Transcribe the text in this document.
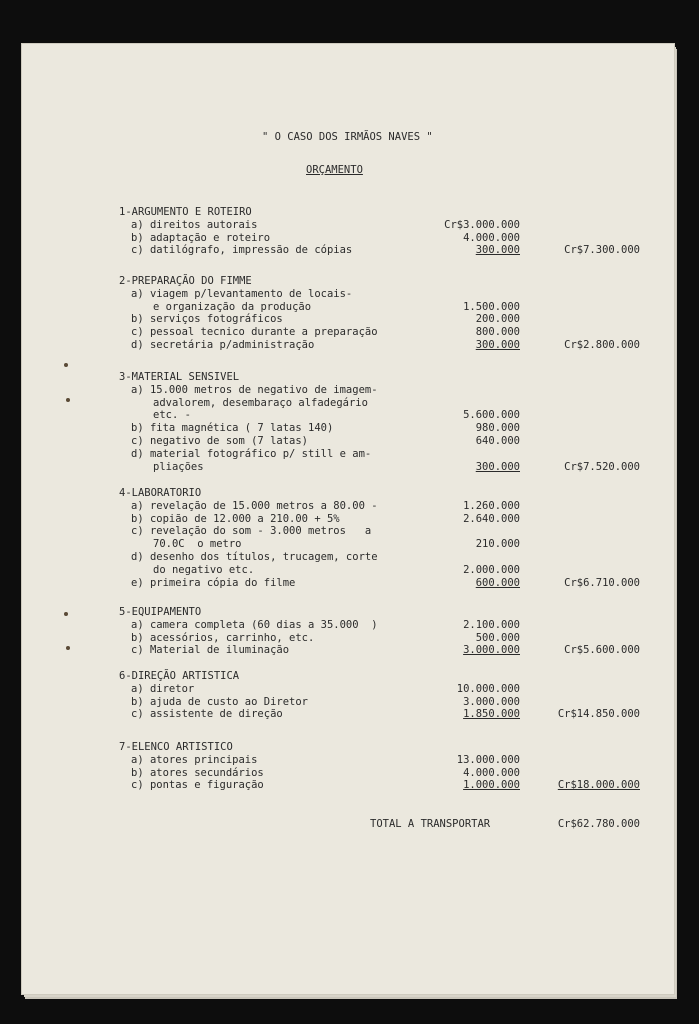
" O CASO DOS IRMÃOS NAVES "
ORÇAMENTO
1-ARGUMENTO E ROTEIRO
a) direitos autorais	Cr$3.000.000
b) adaptação e roteiro	4.000.000
c) datilógrafo, impressão de cópias	300.000	Cr$7.300.000
2-PREPARAÇÃO DO FIMME
a) viagem p/levantamento de locais-
e organização da produção	1.500.000
b) serviços fotográficos	200.000
c) pessoal tecnico durante a preparação	800.000
d) secretária p/administração	300.000	Cr$2.800.000
3-MATERIAL SENSIVEL
a) 15.000 metros de negativo de imagem-
advalorem, desembaraço alfadegário
etc. -	5.600.000
b) fita magnética ( 7 latas 140)	980.000
c) negativo de som (7 latas)	640.000
d) material fotográfico p/ still e am-
pliações	300.000	Cr$7.520.000
4-LABORATORIO
a) revelação de 15.000 metros a 80.00 -	1.260.000
b) copião de 12.000 a 210.00 + 5%	2.640.000
c) revelação do som - 3.000 metros   a
70.0C  o metro	210.000
d) desenho dos títulos, trucagem, corte
do negativo etc.	2.000.000
e) primeira cópia do filme	600.000	Cr$6.710.000
5-EQUIPAMENTO
a) camera completa (60 dias a 35.000  )	2.100.000
b) acessórios, carrinho, etc.	500.000
c) Material de iluminação	3.000.000	Cr$5.600.000
6-DIREÇÃO ARTISTICA
a) diretor	10.000.000
b) ajuda de custo ao Diretor	3.000.000
c) assistente de direção	1.850.000	Cr$14.850.000
7-ELENCO ARTISTICO
a) atores principais	13.000.000
b) atores secundários	4.000.000
c) pontas e figuração	1.000.000	Cr$18.000.000
TOTAL A TRANSPORTAR	Cr$62.780.000
